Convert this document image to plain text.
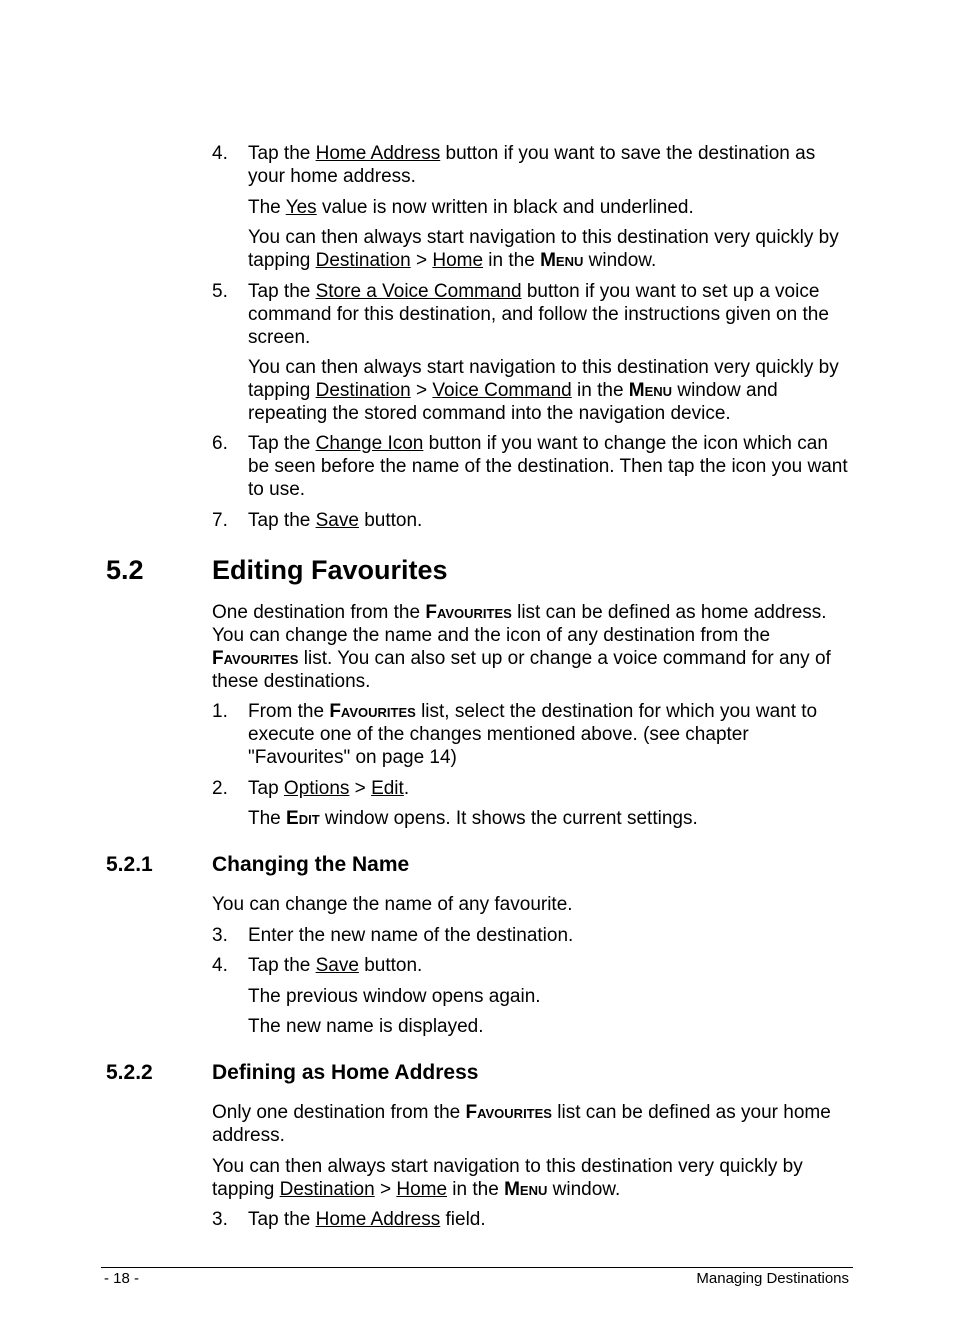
4. Tap the Home Address button if you want to save the destination as your home address.

The Yes value is now written in black and underlined.

You can then always start navigation to this destination very quickly by tapping Destination > Home in the Menu window.

5. Tap the Store a Voice Command button if you want to set up a voice command for this destination, and follow the instructions given on the screen.

You can then always start navigation to this destination very quickly by tapping Destination > Voice Command in the Menu window and repeating the stored command into the navigation device.

6. Tap the Change Icon button if you want to change the icon which can be seen before the name of the destination. Then tap the icon you want to use.

7. Tap the Save button.

5.2	Editing Favourites

One destination from the Favourites list can be defined as home address. You can change the name and the icon of any destination from the Favourites list. You can also set up or change a voice command for any of these destinations.

1. From the Favourites list, select the destination for which you want to execute one of the changes mentioned above. (see chapter "Favourites" on page 14)

2. Tap Options > Edit.

The Edit window opens. It shows the current settings.

5.2.1	Changing the Name
You can change the name of any favourite.
3. Enter the new name of the destination.
4. Tap the Save button.

The previous window opens again.
The new name is displayed.
5.2.2	Defining as Home Address

Only one destination from the Favourites list can be defined as your home address.

You can then always start navigation to this destination very quickly by tapping Destination > Home in the Menu window.

3. Tap the Home Address field.

- 18 -	Managing Destinations
